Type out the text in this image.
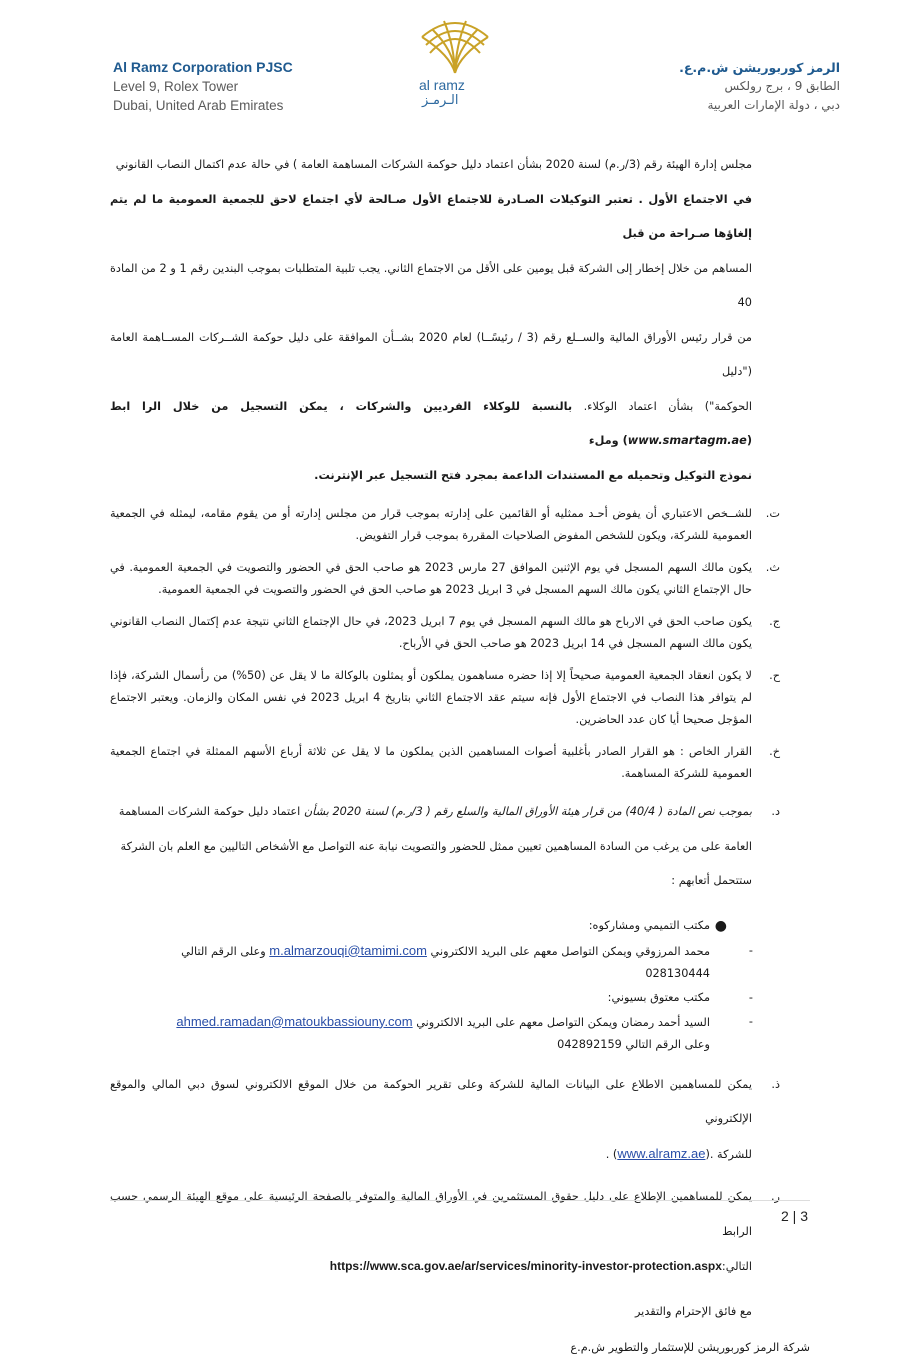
Al Ramz Corporation PJSC
Level 9, Rolex Tower
Dubai, United Arab Emirates
al ramz
الـرمـز
الرمز كوربوريشن ش.م.ع.
الطابق 9 ، برج رولكس
دبي ، دولة الإمارات العربية
مجلس إدارة الهيئة رقم (3/ر.م) لسنة 2020 بشأن اعتماد دليل حوكمة الشركات المساهمة العامة ) في حالة عدم اكتمال النصاب القانوني
في الاجتماع الأول . تعتبر التوكيلات الصـادرة للاجتماع الأول صـالحة لأي اجتماع لاحق للجمعية العمومية ما لم يتم إلغاؤها صـراحة من قبل
المساهم من خلال إخطار إلى الشركة قبل يومين على الأقل من الاجتماع الثاني. يجب تلبية المتطلبات بموجب البندين رقم 1 و 2 من المادة 40
من قرار رئيس الأوراق المالية والســلع رقم (3 / رئيسًــا) لعام 2020 بشــأن الموافقة على دليل حوكمة الشــركات المســاهمة العامة ("دليل
الحوكمة") بشأن اعتماد الوكلاء. بالنسبة للوكلاء الفرديين والشركات ، يمكن التسجيل من خلال الرا ابط (www.smartagm.ae) وملء
نموذج التوكيل وتحميله مع المستندات الداعمة بمجرد فتح التسجيل عبر الإنترنت.
ت.
للشــخص الاعتباري أن يفوض أحـد ممثليه أو القائمين على إدارته بموجب قرار من مجلس إدارته أو من يقوم مقامه، ليمثله في الجمعية العمومية للشركة، ويكون للشخص المفوض الصلاحيات المقررة بموجب قرار التفويض.
ث.
يكون مالك السهم المسجل في يوم الإثنين الموافق 27 مارس 2023 هو صاحب الحق في الحضور والتصويت في الجمعية العمومية. في حال الإجتماع الثاني يكون مالك السهم المسجل في 3 ابريل 2023 هو صاحب الحق في الحضور والتصويت في الجمعية العمومية.
ج.
يكون صاحب الحق في الارباح هو مالك السهم المسجل في يوم 7 ابريل 2023، في حال الإجتماع الثاني نتيجة عدم إكتمال النصاب القانوني يكون مالك السهم المسجل في 14 ابريل 2023 هو صاحب الحق في الأرباح.
ح.
لا يكون انعقاد الجمعية العمومية صحيحاً إلا إذا حضره مساهمون يملكون أو يمثلون بالوكالة ما لا يقل عن (50%) من رأسمال الشركة، فإذا لم يتوافر هذا النصاب في الاجتماع الأول فإنه سيتم عقد الاجتماع الثاني بتاريخ 4 ابريل 2023 في نفس المكان والزمان. ويعتبر الاجتماع المؤجل صحيحا أيا كان عدد الحاضرين.
خ.
القرار الخاص : هو القرار الصادر بأغلبية أصوات المساهمين الذين يملكون ما لا يقل عن ثلاثة أرباع الأسهم الممثلة في اجتماع الجمعية العمومية للشركة المساهمة.
د.
بموجب نص المادة ( 40/4) من قرار هيئة الأوراق المالية والسلع رقم ( 3/ر.م) لسنة 2020 بشأن اعتماد دليل حوكمة الشركات المساهمة
العامة على من يرغب من السادة المساهمين تعيين ممثل للحضور والتصويت نيابة عنه التواصل مع الأشخاص التاليين مع العلم بان الشركة
ستتحمل أتعابهم :
●
مكتب التميمي ومشاركوه:
-
محمد المرزوقي ويمكن التواصل معهم على البريد الالكتروني m.almarzouqi@tamimi.com وعلى الرقم التالي
028130444
-
مكتب معتوق بسيوني:
-
السيد أحمد رمضان ويمكن التواصل معهم على البريد الالكتروني ahmed.ramadan@matoukbassiouny.com
وعلى الرقم التالي 042892159
ذ.
يمكن للمساهمين الاطلاع على البيانات المالية للشركة وعلى تقرير الحوكمة من خلال الموقع الالكتروني لسوق دبي المالي والموقع الإلكتروني
للشركة .(www.alramz.ae) .
ر.
يمكن للمساهمين الإطلاع على دليل حقوق المستثمرين في الأوراق المالية والمتوفر بالصفحة الرئيسية على موقع الهيئة الرسمي حسب الرابط
التالي:https://www.sca.gov.ae/ar/services/minority-investor-protection.aspx
مع فائق الإحترام والتقدير
شركة الرمز كوربوريشن للإستثمار والتطوير ش.م.ع
2 | 3
